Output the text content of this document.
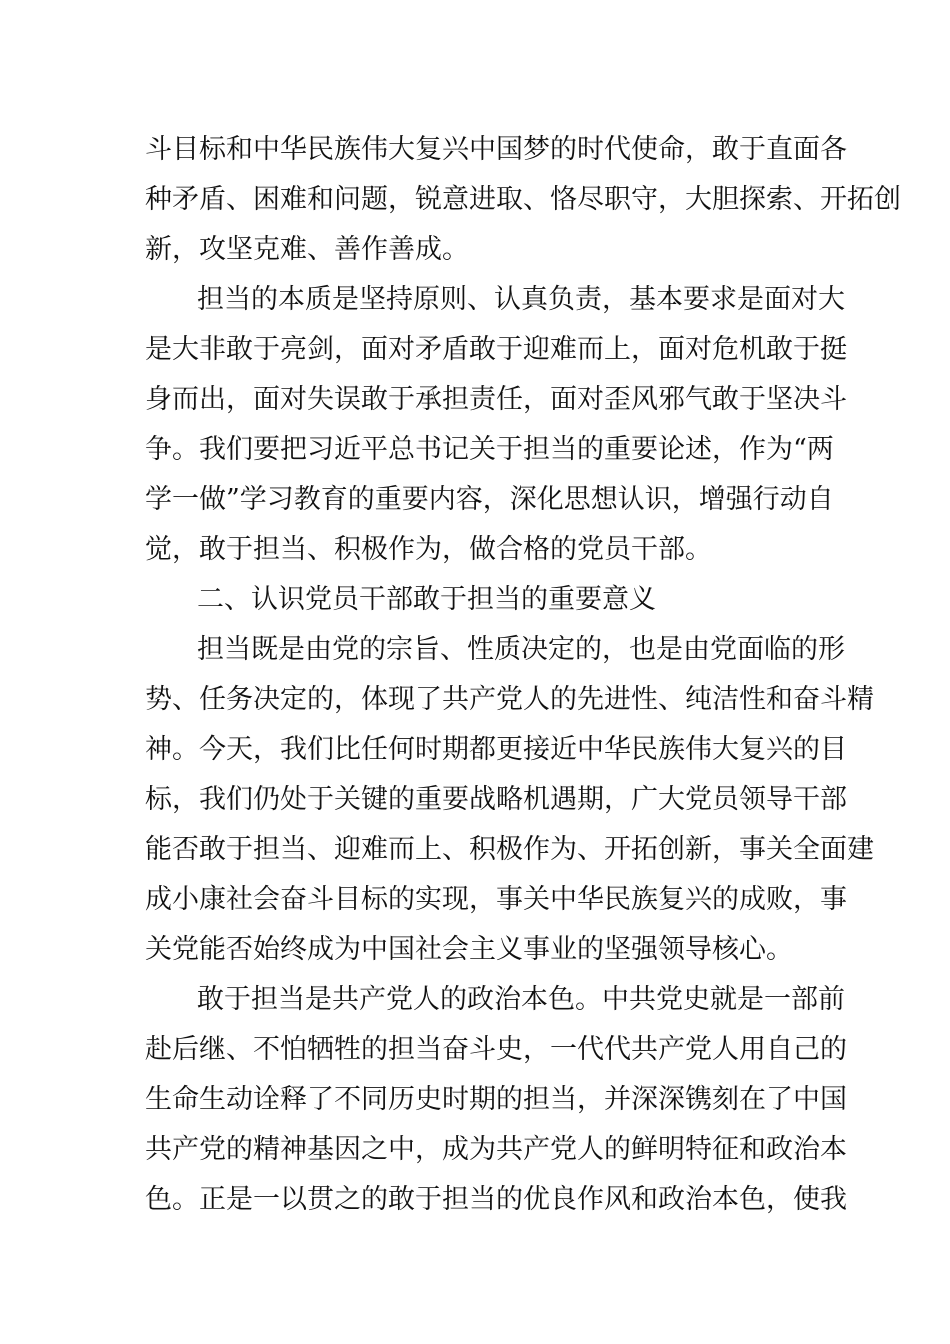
斗目标和中华民族伟大复兴中国梦的时代使命，敢于直面各
种矛盾、困难和问题，锐意进取、恪尽职守，大胆探索、开拓创
新，攻坚克难、善作善成。
担当的本质是坚持原则、认真负责，基本要求是面对大
是大非敢于亮剑，面对矛盾敢于迎难而上，面对危机敢于挺
身而出，面对失误敢于承担责任，面对歪风邪气敢于坚决斗
争。我们要把习近平总书记关于担当的重要论述，作为“两
学一做”学习教育的重要内容，深化思想认识，增强行动自
觉，敢于担当、积极作为，做合格的党员干部。
二、认识党员干部敢于担当的重要意义
担当既是由党的宗旨、性质决定的，也是由党面临的形
势、任务决定的，体现了共产党人的先进性、纯洁性和奋斗精
神。今天，我们比任何时期都更接近中华民族伟大复兴的目
标，我们仍处于关键的重要战略机遇期，广大党员领导干部
能否敢于担当、迎难而上、积极作为、开拓创新，事关全面建
成小康社会奋斗目标的实现，事关中华民族复兴的成败，事
关党能否始终成为中国社会主义事业的坚强领导核心。
敢于担当是共产党人的政治本色。中共党史就是一部前
赴后继、不怕牺牲的担当奋斗史，一代代共产党人用自己的
生命生动诠释了不同历史时期的担当，并深深镌刻在了中国
共产党的精神基因之中，成为共产党人的鲜明特征和政治本
色。正是一以贯之的敢于担当的优良作风和政治本色，使我
